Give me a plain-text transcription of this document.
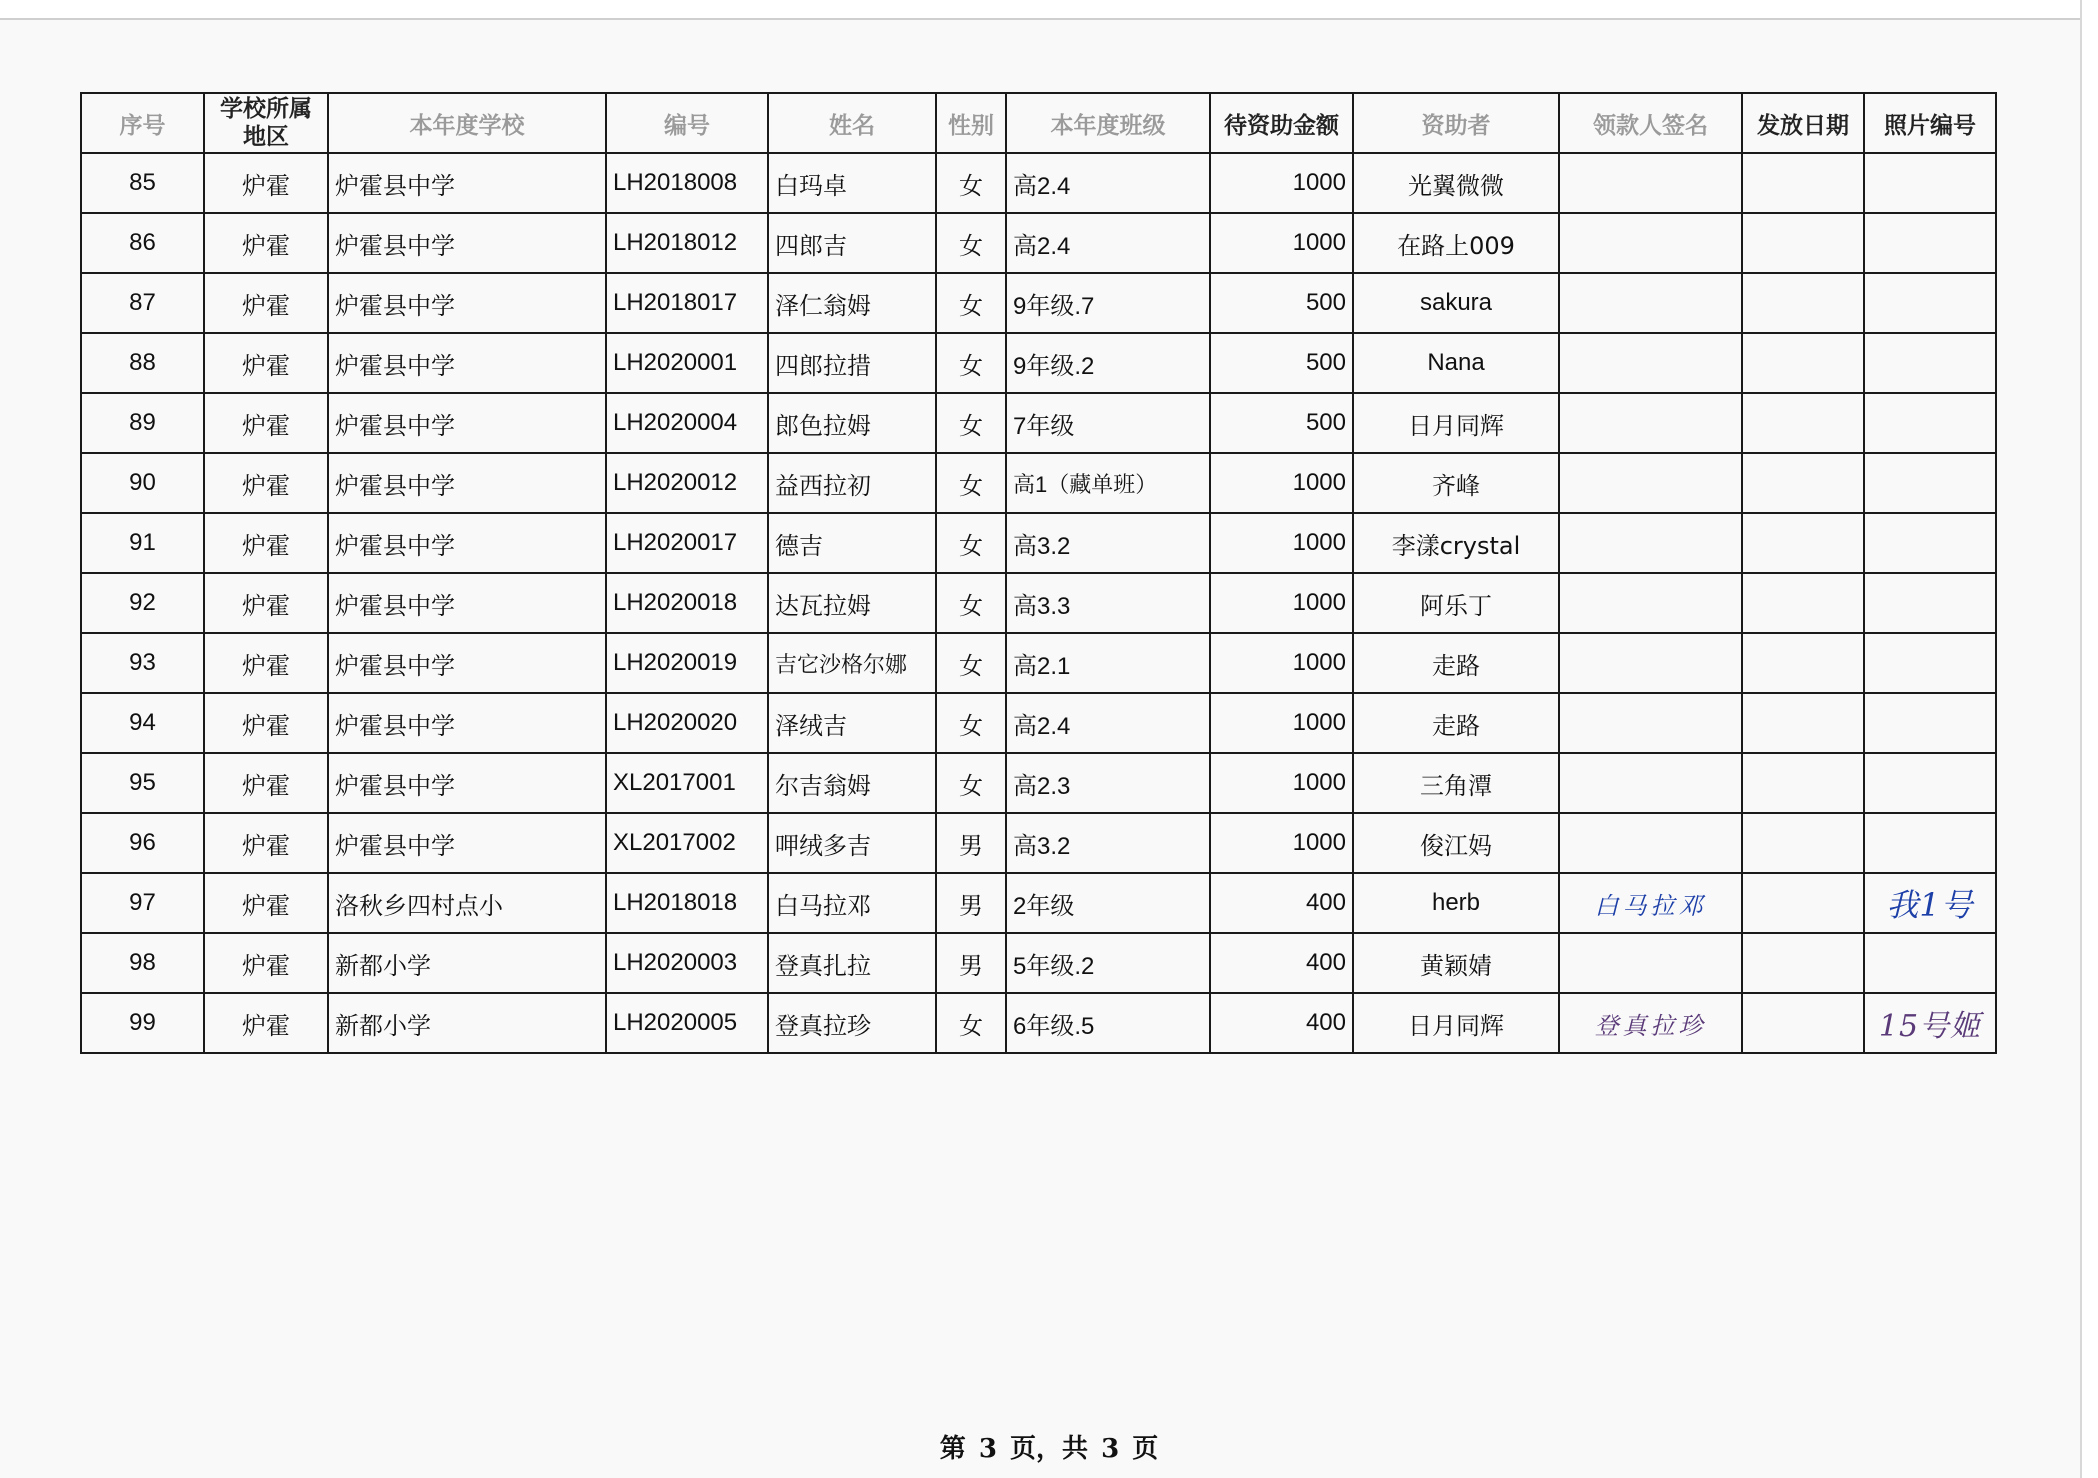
序号	学校所属地区	本年度学校	编号	姓名	性别	本年度班级	待资助金额	资助者	领款人签名	发放日期	照片编号
85	炉霍	炉霍县中学	LH2018008	白玛卓	女	高2.4	1000	光翼微微			
86	炉霍	炉霍县中学	LH2018012	四郎吉	女	高2.4	1000	在路上009			
87	炉霍	炉霍县中学	LH2018017	泽仁翁姆	女	9年级.7	500	sakura			
88	炉霍	炉霍县中学	LH2020001	四郎拉措	女	9年级.2	500	Nana			
89	炉霍	炉霍县中学	LH2020004	郎色拉姆	女	7年级	500	日月同辉			
90	炉霍	炉霍县中学	LH2020012	益西拉初	女	高1（藏单班）	1000	齐峰			
91	炉霍	炉霍县中学	LH2020017	德吉	女	高3.2	1000	李漾crystal			
92	炉霍	炉霍县中学	LH2020018	达瓦拉姆	女	高3.3	1000	阿乐丁			
93	炉霍	炉霍县中学	LH2020019	吉它沙格尔娜	女	高2.1	1000	走路			
94	炉霍	炉霍县中学	LH2020020	泽绒吉	女	高2.4	1000	走路			
95	炉霍	炉霍县中学	XL2017001	尔吉翁姆	女	高2.3	1000	三角潭			
96	炉霍	炉霍县中学	XL2017002	呷绒多吉	男	高3.2	1000	俊江妈			
97	炉霍	洛秋乡四村点小	LH2018018	白马拉邓	男	2年级	400	herb	白马拉邓		我1号
98	炉霍	新都小学	LH2020003	登真扎拉	男	5年级.2	400	黄颖婧			
99	炉霍	新都小学	LH2020005	登真拉珍	女	6年级.5	400	日月同辉	登真拉珍		15号姬
第 3 页，共 3 页
